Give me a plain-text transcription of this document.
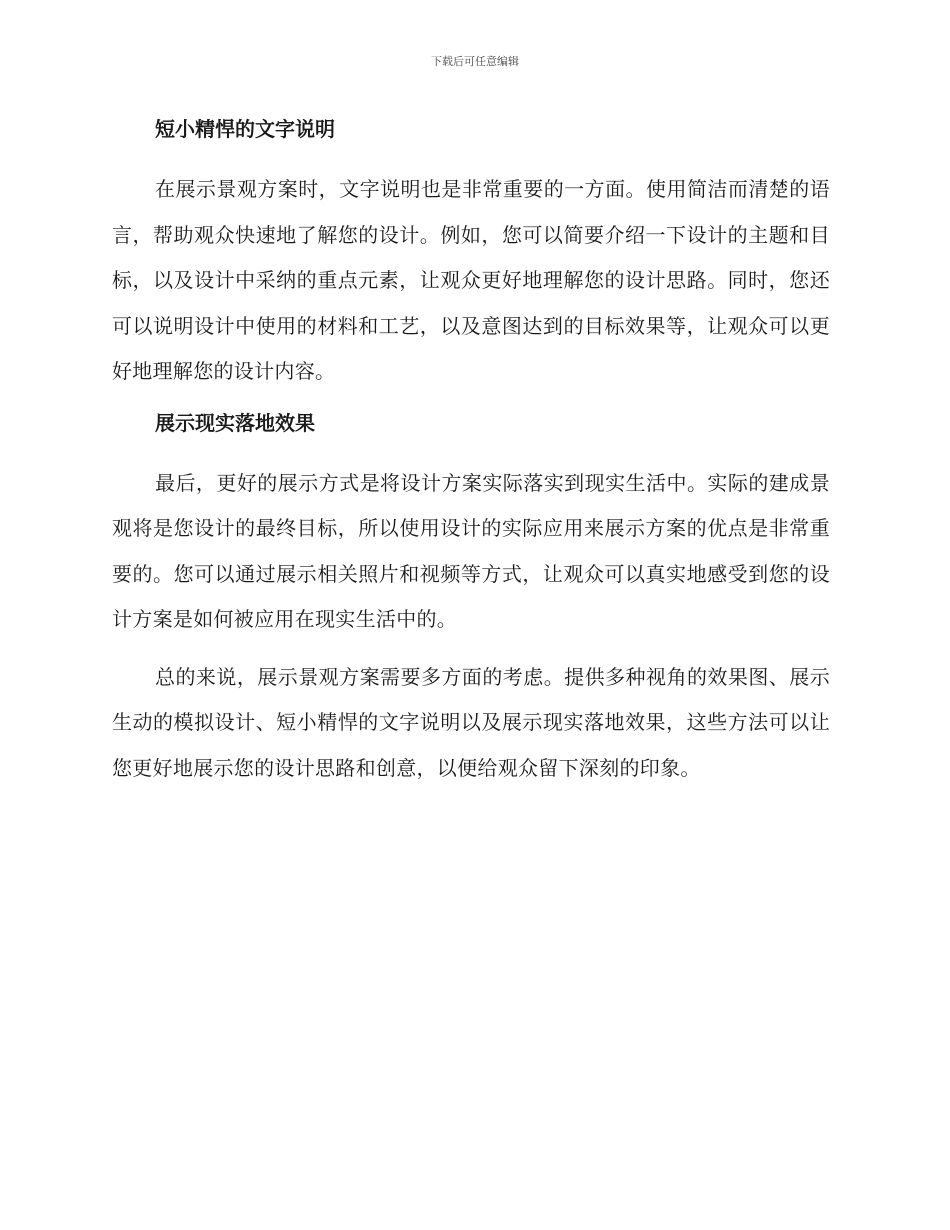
下载后可任意编辑
短小精悍的文字说明

在展示景观方案时，文字说明也是非常重要的一方面。使用简洁而清楚的语言，帮助观众快速地了解您的设计。例如，您可以简要介绍一下设计的主题和目标，以及设计中采纳的重点元素，让观众更好地理解您的设计思路。同时，您还可以说明设计中使用的材料和工艺，以及意图达到的目标效果等，让观众可以更好地理解您的设计内容。

展示现实落地效果

最后，更好的展示方式是将设计方案实际落实到现实生活中。实际的建成景观将是您设计的最终目标，所以使用设计的实际应用来展示方案的优点是非常重要的。您可以通过展示相关照片和视频等方式，让观众可以真实地感受到您的设计方案是如何被应用在现实生活中的。

总的来说，展示景观方案需要多方面的考虑。提供多种视角的效果图、展示生动的模拟设计、短小精悍的文字说明以及展示现实落地效果，这些方法可以让您更好地展示您的设计思路和创意，以便给观众留下深刻的印象。
